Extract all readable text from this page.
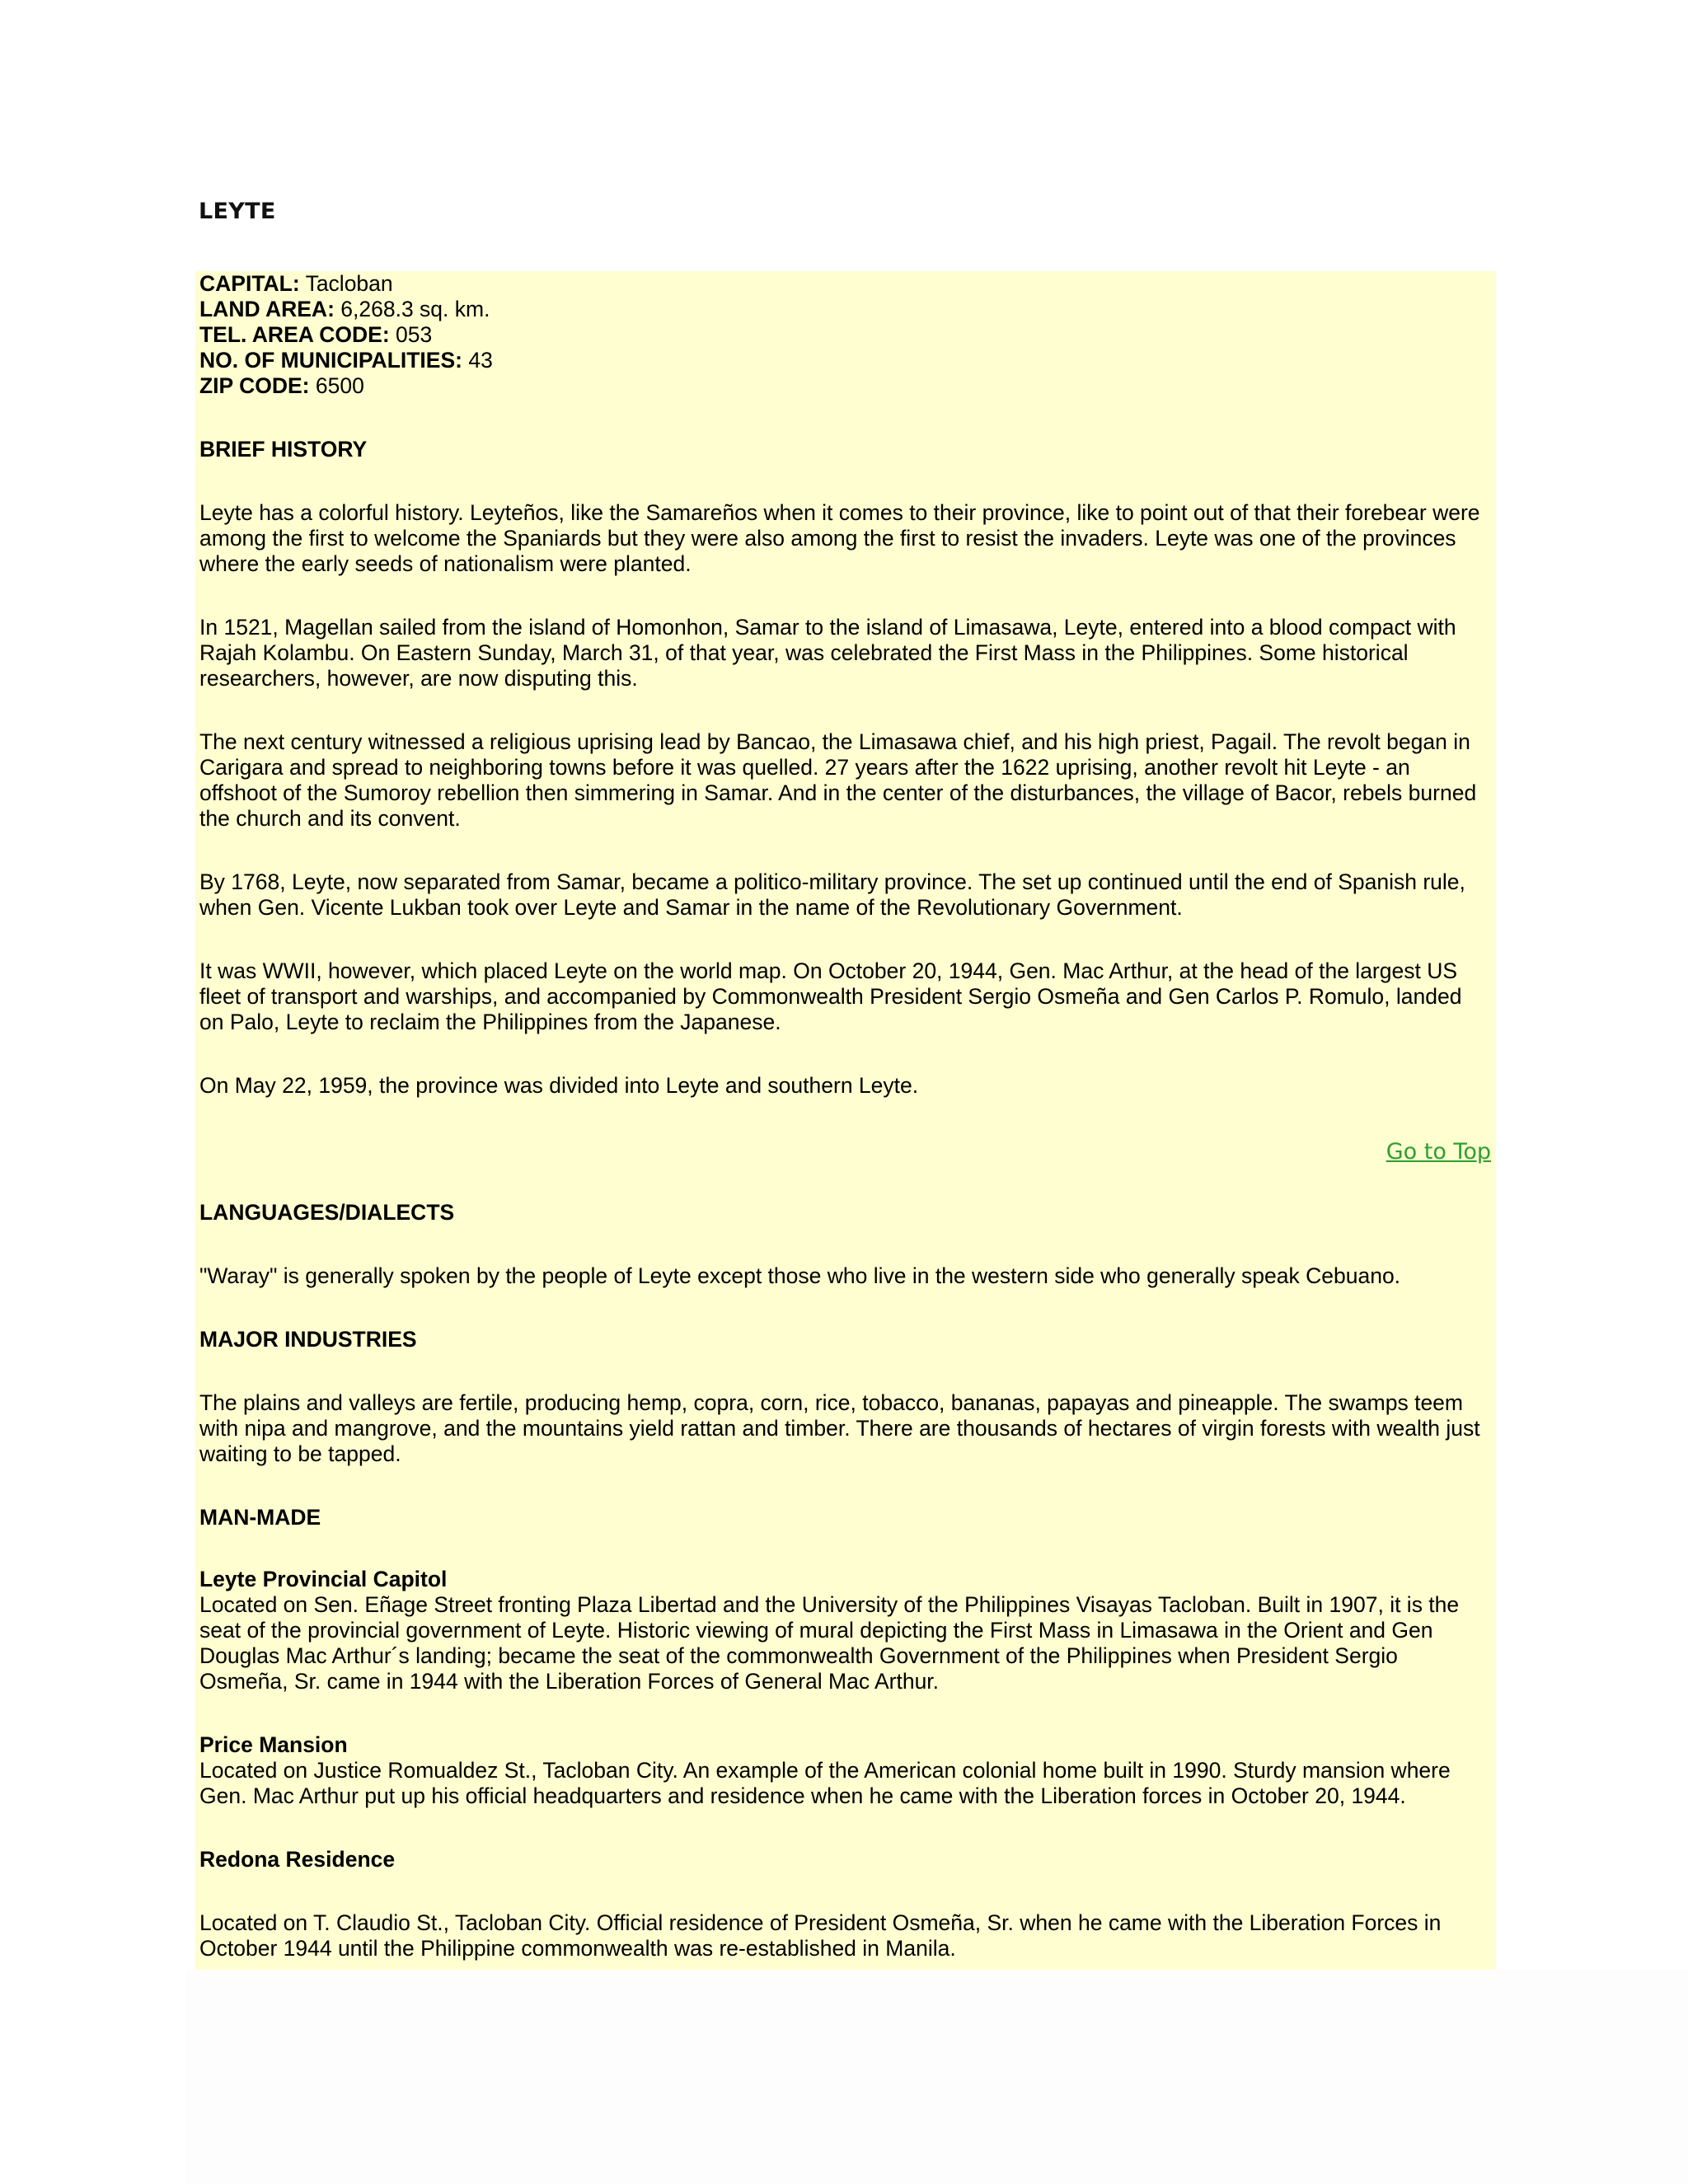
LEYTE
CAPITAL: Tacloban
LAND AREA: 6,268.3 sq. km.
TEL. AREA CODE: 053
NO. OF MUNICIPALITIES: 43
ZIP CODE: 6500
BRIEF HISTORY

Leyte has a colorful history. Leyteños, like the Samareños when it comes to their province, like to point out of that their forebear were among the first to welcome the Spaniards but they were also among the first to resist the invaders. Leyte was one of the provinces where the early seeds of nationalism were planted.

In 1521, Magellan sailed from the island of Homonhon, Samar to the island of Limasawa, Leyte, entered into a blood compact with Rajah Kolambu. On Eastern Sunday, March 31, of that year, was celebrated the First Mass in the Philippines. Some historical researchers, however, are now disputing this.

The next century witnessed a religious uprising lead by Bancao, the Limasawa chief, and his high priest, Pagail. The revolt began in Carigara and spread to neighboring towns before it was quelled. 27 years after the 1622 uprising, another revolt hit Leyte - an offshoot of the Sumoroy rebellion then simmering in Samar. And in the center of the disturbances, the village of Bacor, rebels burned the church and its convent.

By 1768, Leyte, now separated from Samar, became a politico-military province. The set up continued until the end of Spanish rule, when Gen. Vicente Lukban took over Leyte and Samar in the name of the Revolutionary Government.

It was WWII, however, which placed Leyte on the world map. On October 20, 1944, Gen. Mac Arthur, at the head of the largest US fleet of transport and warships, and accompanied by Commonwealth President Sergio Osmeña and Gen Carlos P. Romulo, landed on Palo, Leyte to reclaim the Philippines from the Japanese.

On May 22, 1959, the province was divided into Leyte and southern Leyte.

Go to Top
LANGUAGES/DIALECTS

"Waray" is generally spoken by the people of Leyte except those who live in the western side who generally speak Cebuano.

MAJOR INDUSTRIES

The plains and valleys are fertile, producing hemp, copra, corn, rice, tobacco, bananas, papayas and pineapple. The swamps teem with nipa and mangrove, and the mountains yield rattan and timber. There are thousands of hectares of virgin forests with wealth just waiting to be tapped.

MAN-MADE
Leyte Provincial Capitol

Located on Sen. Eñage Street fronting Plaza Libertad and the University of the Philippines Visayas Tacloban. Built in 1907, it is the seat of the provincial government of Leyte. Historic viewing of mural depicting the First Mass in Limasawa in the Orient and Gen Douglas Mac Arthur´s landing; became the seat of the commonwealth Government of the Philippines when President Sergio Osmeña, Sr. came in 1944 with the Liberation Forces of General Mac Arthur.

Price Mansion

Located on Justice Romualdez St., Tacloban City. An example of the American colonial home built in 1990. Sturdy mansion where Gen. Mac Arthur put up his official headquarters and residence when he came with the Liberation forces in October 20, 1944.

Redona Residence

Located on T. Claudio St., Tacloban City. Official residence of President Osmeña, Sr. when he came with the Liberation Forces in October 1944 until the Philippine commonwealth was re-established in Manila.
